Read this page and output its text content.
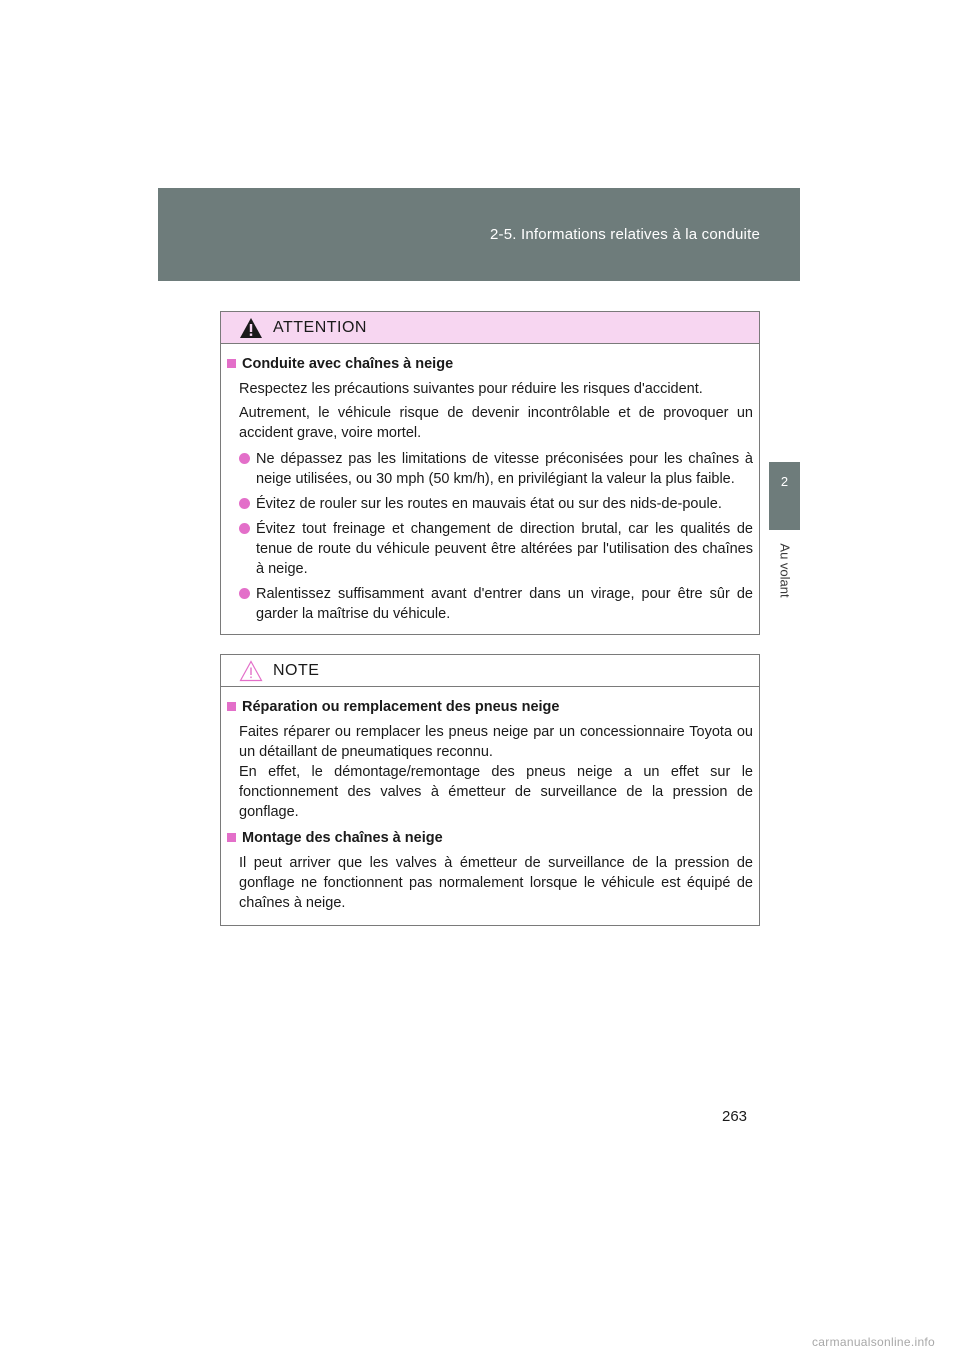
2-5. Informations relatives à la conduite
2
Au volant
ATTENTION
Conduite avec chaînes à neige
Respectez les précautions suivantes pour réduire les risques d'accident.
Autrement, le véhicule risque de devenir incontrôlable et de provoquer un accident grave, voire mortel.
Ne dépassez pas les limitations de vitesse préconisées pour les chaînes à neige utilisées, ou 30 mph (50 km/h), en privilégiant la valeur la plus faible.
Évitez de rouler sur les routes en mauvais état ou sur des nids-de-poule.
Évitez tout freinage et changement de direction brutal, car les qualités de tenue de route du véhicule peuvent être altérées par l'utilisation des chaînes à neige.
Ralentissez suffisamment avant d'entrer dans un virage, pour être sûr de garder la maîtrise du véhicule.
NOTE
Réparation ou remplacement des pneus neige
Faites réparer ou remplacer les pneus neige par un concessionnaire Toyota ou un détaillant de pneumatiques reconnu.
En effet, le démontage/remontage des pneus neige a un effet sur le fonctionnement des valves à émetteur de surveillance de la pression de gonflage.
Montage des chaînes à neige
Il peut arriver que les valves à émetteur de surveillance de la pression de gonflage ne fonctionnent pas normalement lorsque le véhicule est équipé de chaînes à neige.
263
carmanualsonline.info
